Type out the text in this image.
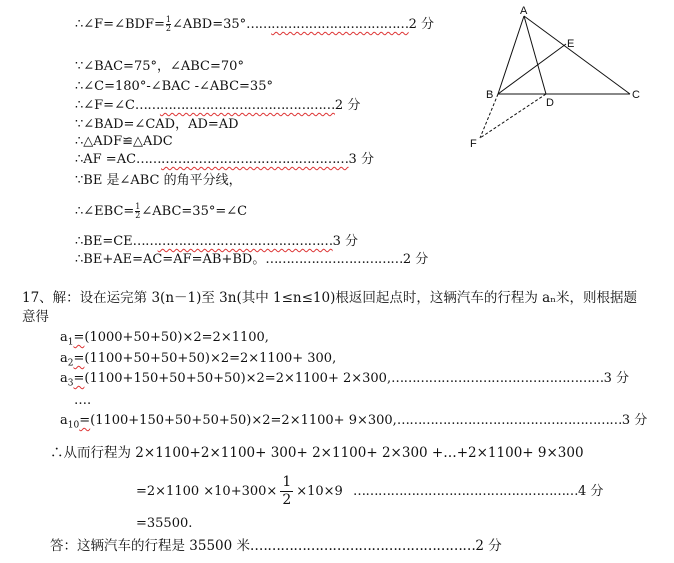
∴∠F=∠BDF= $\frac{1}{2}$ ∠ABD=35°…………………………………2 分
∵∠BAC=75°，∠ABC=70°
∴∠C=180°-∠BAC -∠ABC=35°
∴∠F=∠C…………………………………………2 分
∵∠BAD=∠CAD，AD=AD
∴△ADF≌△ADC
∴AF =AC……………………………………………3 分
∵BE 是∠ABC 的角平分线，
∴∠EBC= $\frac{1}{2}$ ∠ABC=35°=∠C
∴BE=CE…………………………………………3 分
∴BE+AE=AC=AF=AB+BD。……………………………2 分
A
E
B
D
C
F
17、解：设在运完第 3(n－1)至 3n(其中 1≤n≤10)根返回起点时，这辆汽车的行程为 aₙ米，则根据题
意得
$a_1=(1000+50+50)\times 2=2\times 1100$,
$a_2=(1100+50+50+50)\times 2=2\times 1100+ 300$,
$a_3=(1100+150+50+50+50)\times 2=2\times 1100+$ 2×300,……………………………………………3 分
….
$a_{10}=(1100+150+50+50+50)\times 2=2\times 1100+$ 9×300,………………………………………………3 分
∴从而行程为 2×1100+2×1100+ 300+ 2×1100+ 2×300 +…+2×1100+ 9×300
$=2\times 1100 \times 10+300\times \frac{1}{2} \times 10\times 9$ ………………………………………………4 分
=35500.
答：这辆汽车的行程是 35500 米.……………………………………………2 分
